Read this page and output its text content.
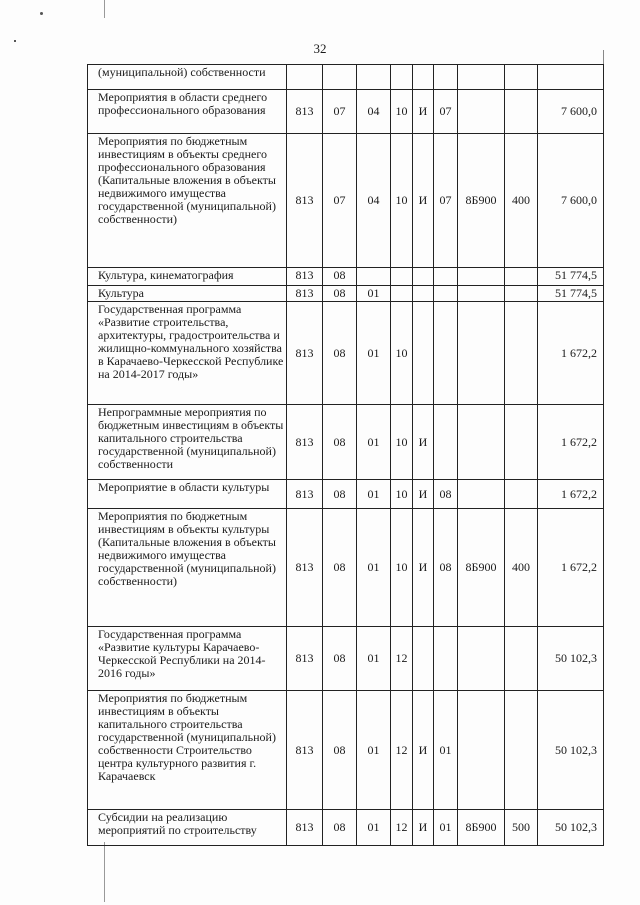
32
(муниципальной) собственности									
Мероприятия в области среднего профессионального образования	813	07	04	10	И	07			7 600,0
Мероприятия по бюджетным инвестициям в объекты среднего профессионального образования (Капитальные вложения в объекты недвижимого имущества государственной (муниципальной) собственности)	813	07	04	10	И	07	8Б900	400	7 600,0
Культура, кинематография	813	08							51 774,5
Культура	813	08	01						51 774,5
Государственная программа «Развитие строительства, архитектуры, градостроительства и жилищно-коммунального хозяйства в Карачаево-Черкесской Республике на 2014-2017 годы»	813	08	01	10					1 672,2
Непрограммные мероприятия по бюджетным инвестициям в объекты капитального строительства государственной (муниципальной) собственности	813	08	01	10	И				1 672,2
Мероприятие в области культуры	813	08	01	10	И	08			1 672,2
Мероприятия по бюджетным инвестициям в объекты культуры (Капитальные вложения в объекты недвижимого имущества государственной (муниципальной) собственности)	813	08	01	10	И	08	8Б900	400	1 672,2
Государственная программа «Развитие культуры Карачаево-Черкесской Республики на 2014-2016 годы»	813	08	01	12					50 102,3
Мероприятия по бюджетным инвестициям в объекты капитального строительства государственной (муниципальной) собственности Строительство центра культурного развития г. Карачаевск	813	08	01	12	И	01			50 102,3
Субсидии на реализацию мероприятий по строительству	813	08	01	12	И	01	8Б900	500	50 102,3
